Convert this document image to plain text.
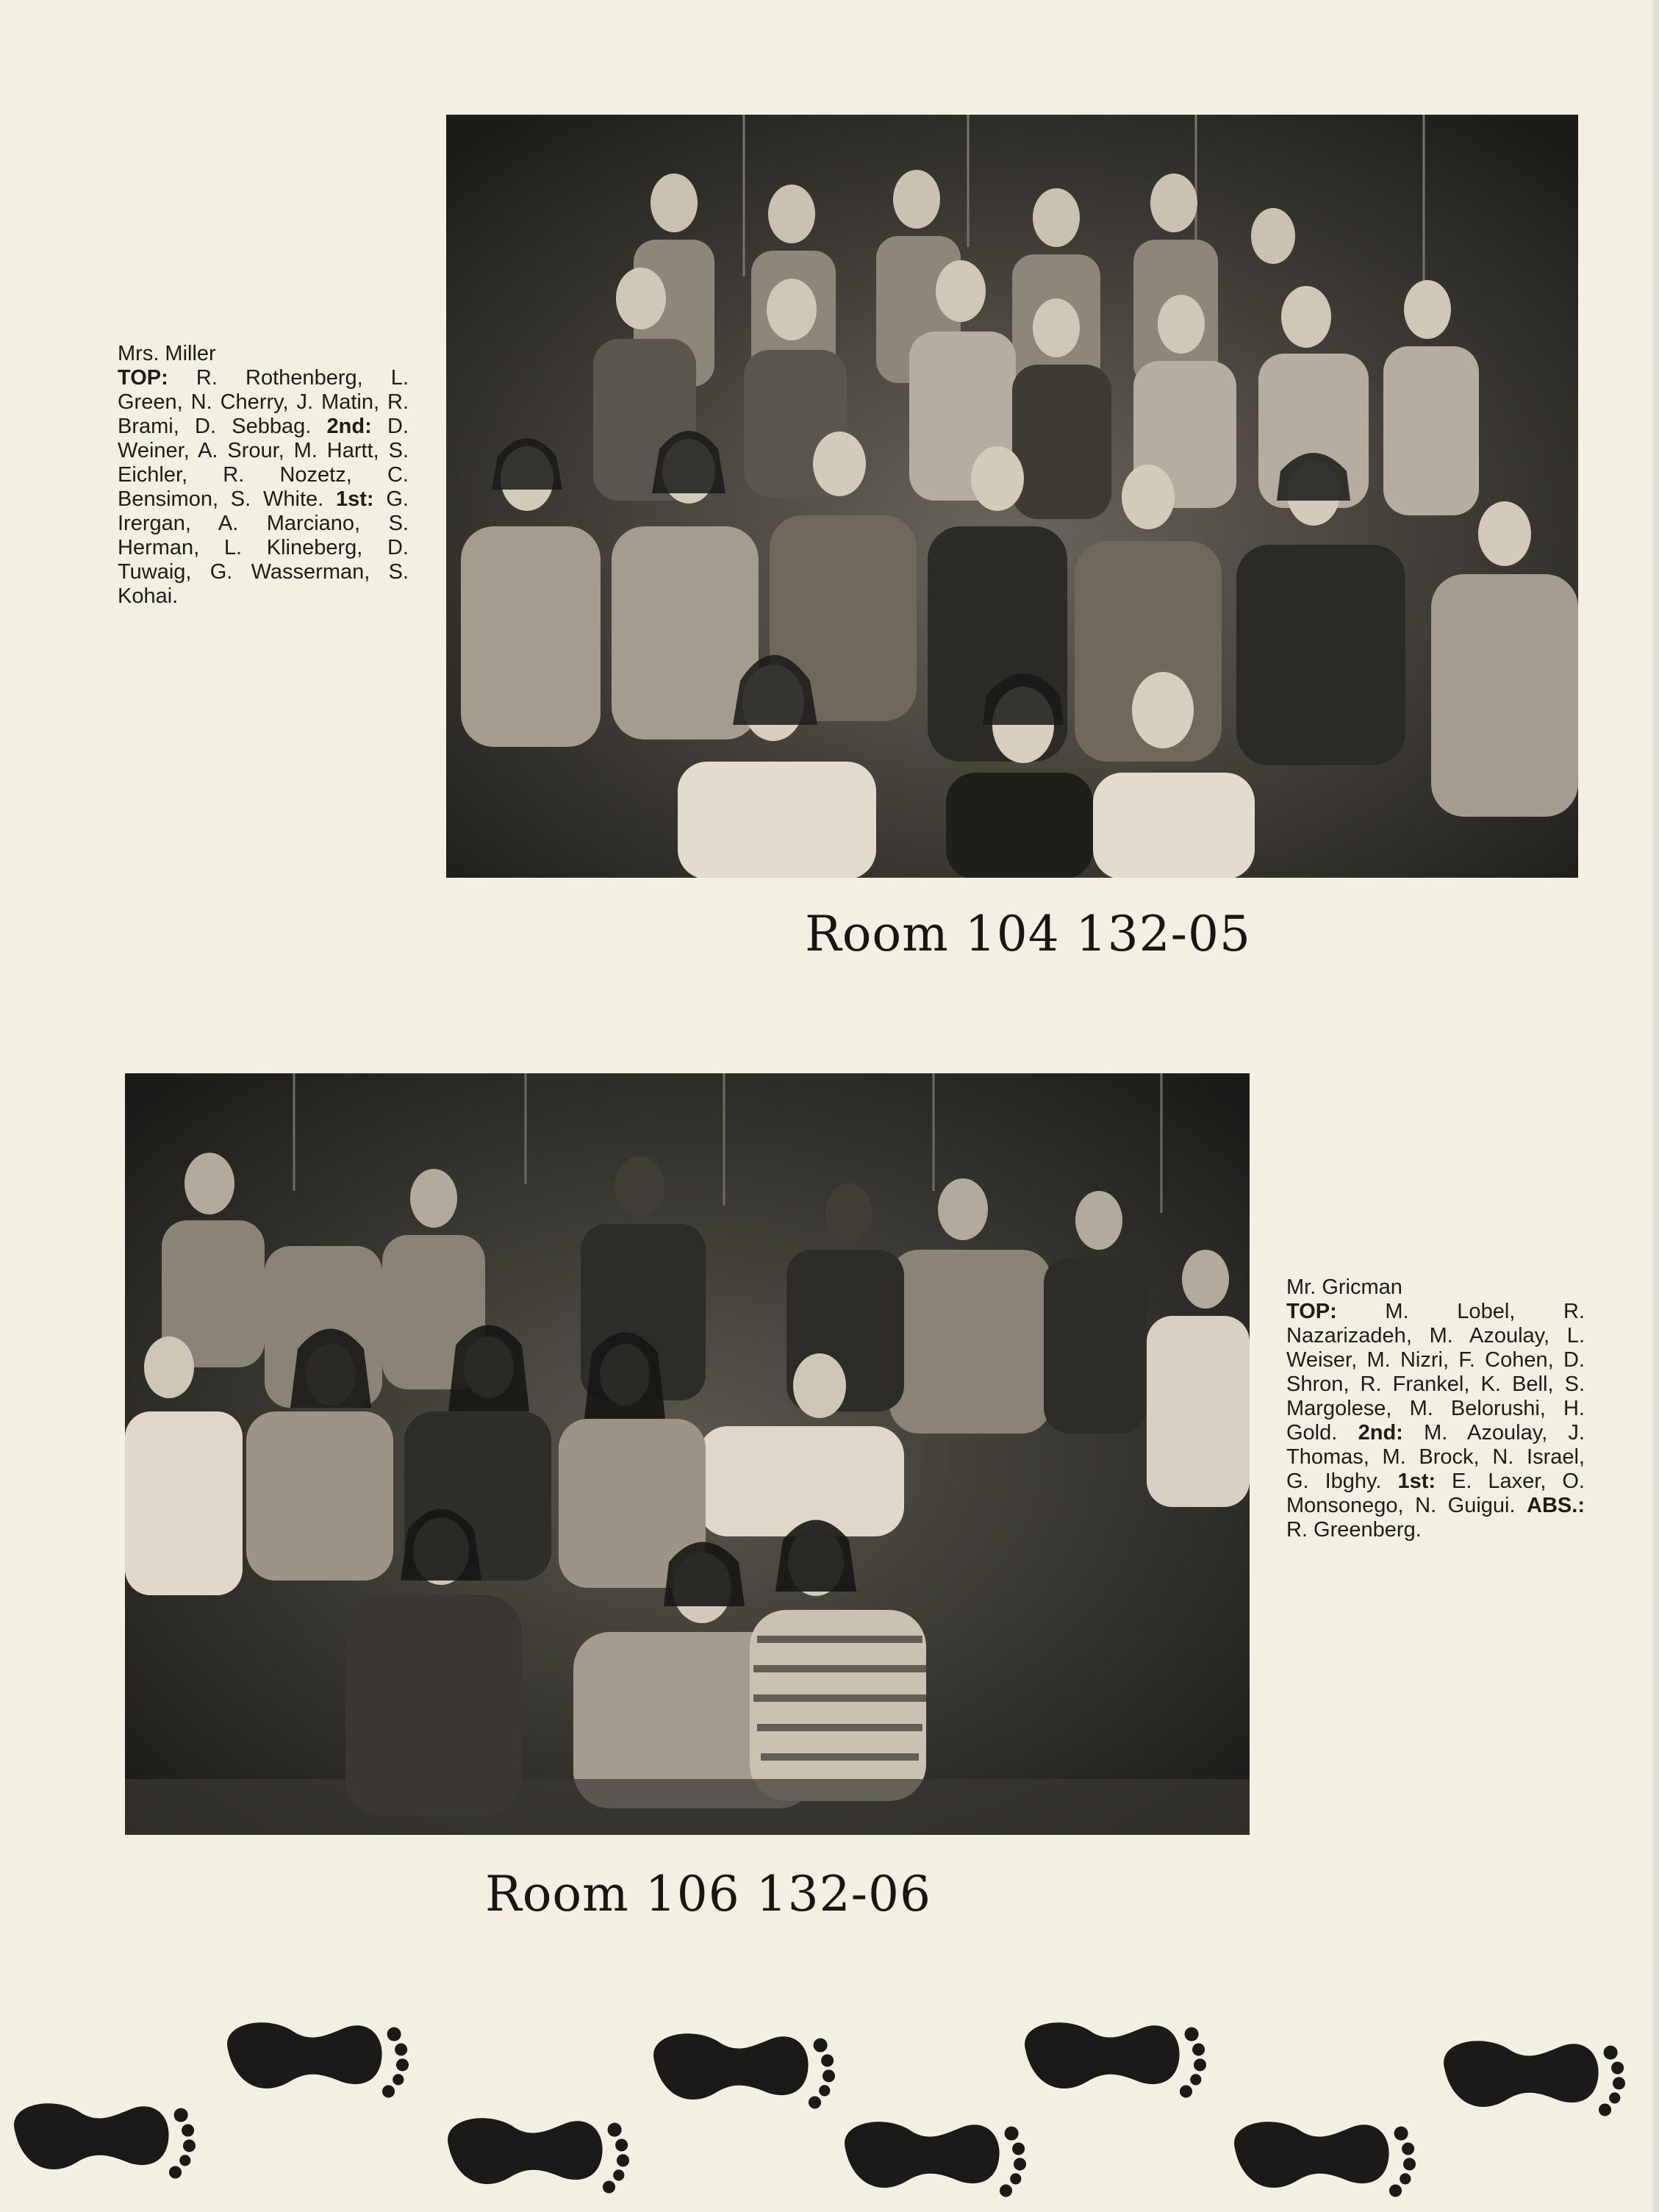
Mrs. Miller
TOP: R. Rothenberg, L. Green, N. Cherry, J. Matin, R. Brami, D. Sebbag. 2nd: D. Weiner, A. Srour, M. Hartt, S. Eichler, R. Nozetz, C. Bensimon, S. White. 1st: G. Irergan, A. Marciano, S. Herman, L. Klineberg, D. Tuwaig, G. Wasserman, S. Kohai.
Room 104 132-05
Mr. Gricman
TOP: M. Lobel, R. Nazarizadeh, M. Azoulay, L. Weiser, M. Nizri, F. Cohen, D. Shron, R. Frankel, K. Bell, S. Margolese, M. Belorushi, H. Gold. 2nd: M. Azoulay, J. Thomas, M. Brock, N. Israel, G. Ibghy. 1st: E. Laxer, O. Monsonego, N. Guigui. ABS.: R. Greenberg.
Room 106 132-06
